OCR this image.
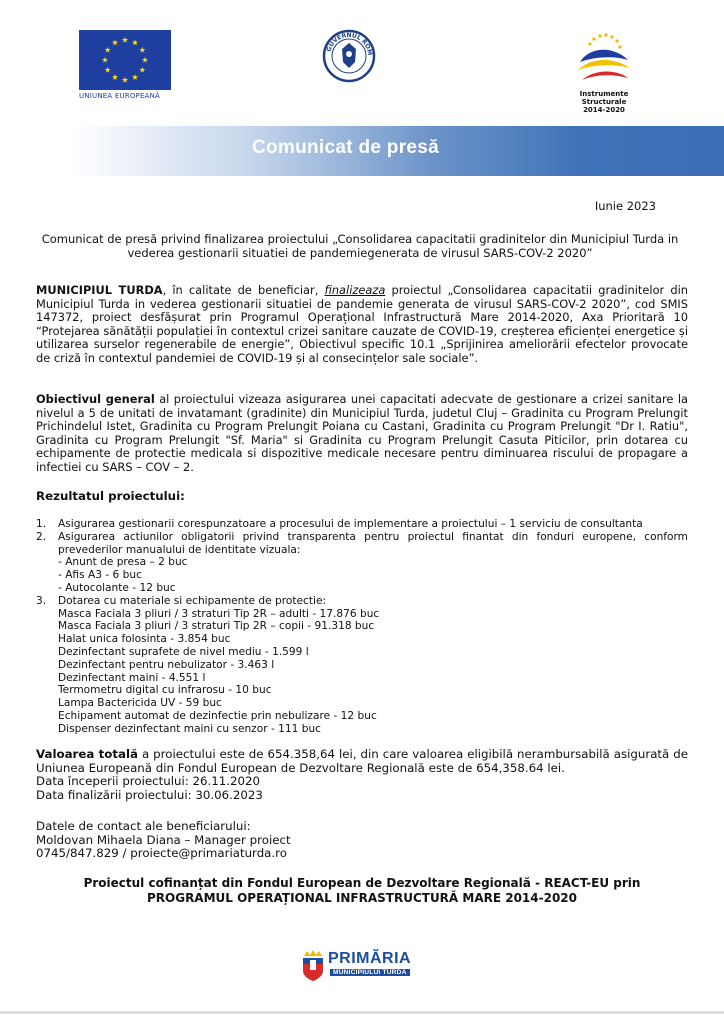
UNIUNEA EUROPEANĂ
GUVERNUL ROM
Instrumente Structurale
2014-2020
Comunicat de presă
Iunie 2023
Comunicat de presă privind finalizarea proiectului „Consolidarea capacitatii gradinitelor din Municipiul Turda in vederea gestionarii situatiei de pandemiegenerata de virusul SARS-COV-2 2020”
MUNICIPIUL TURDA, în calitate de beneficiar, finalizeaza proiectul „Consolidarea capacitatii gradinitelor din Municipiul Turda in vederea gestionarii situatiei de pandemie generata de virusul SARS-COV-2 2020”, cod SMIS 147372, proiect desfășurat prin Programul Operațional Infrastructură Mare 2014-2020, Axa Prioritară 10 “Protejarea sănătății populației în contextul crizei sanitare cauzate de COVID-19, creșterea eficienței energetice și utilizarea surselor regenerabile de energie”, Obiectivul specific 10.1 „Sprijinirea ameliorării efectelor provocate de criză în contextul pandemiei de COVID-19 și al consecințelor sale sociale”.
Obiectivul general al proiectului vizeaza asigurarea unei capacitati adecvate de gestionare a crizei sanitare la nivelul a 5 de unitati de invatamant (gradinite) din Municipiul Turda, judetul Cluj – Gradinita cu Program Prelungit Prichindelul Istet, Gradinita cu Program Prelungit Poiana cu Castani, Gradinita cu Program Prelungit "Dr I. Ratiu", Gradinita cu Program Prelungit "Sf. Maria" si Gradinita cu Program Prelungit Casuta Piticilor, prin dotarea cu echipamente de protectie medicala si dispozitive medicale necesare pentru diminuarea riscului de propagare a infectiei cu SARS – COV – 2.
Rezultatul proiectului:
1. Asigurarea gestionarii corespunzatoare a procesului de implementare a proiectului – 1 serviciu de consultanta
2.	Asigurarea actiunilor obligatorii privind transparenta pentru proiectul finantat din fonduri europene, conform prevederilor manualului de identitate vizuala:
- Anunt de presa – 2 buc
- Afis A3 - 6 buc
- Autocolante - 12 buc
3. Dotarea cu materiale si echipamente de protectie:
Masca Faciala 3 pliuri / 3 straturi Tip 2R – adulti - 17.876 buc
Masca Faciala 3 pliuri / 3 straturi Tip 2R – copii - 91.318 buc
Halat unica folosinta - 3.854 buc
Dezinfectant suprafete de nivel mediu - 1.599 l
Dezinfectant pentru nebulizator - 3.463 l
Dezinfectant maini - 4.551 l
Termometru digital cu infrarosu - 10 buc
Lampa Bactericida UV - 59 buc
Echipament automat de dezinfectie prin nebulizare - 12 buc
Dispenser dezinfectant maini cu senzor - 111 buc
Valoarea totală a proiectului este de 654.358,64 lei, din care valoarea eligibilă nerambursabilă asigurată de Uniunea Europeană din Fondul European de Dezvoltare Regională este de 654,358.64 lei.
Data începerii proiectului: 26.11.2020
Data finalizării proiectului: 30.06.2023
Datele de contact ale beneficiarului:
Moldovan Mihaela Diana – Manager proiect
0745/847.829 / proiecte@primariaturda.ro
Proiectul cofinanțat din Fondul European de Dezvoltare Regională - REACT-EU prin
PROGRAMUL OPERAȚIONAL INFRASTRUCTURĂ MARE 2014-2020
PRIMĂRIA
MUNICIPIULUI TURDA
